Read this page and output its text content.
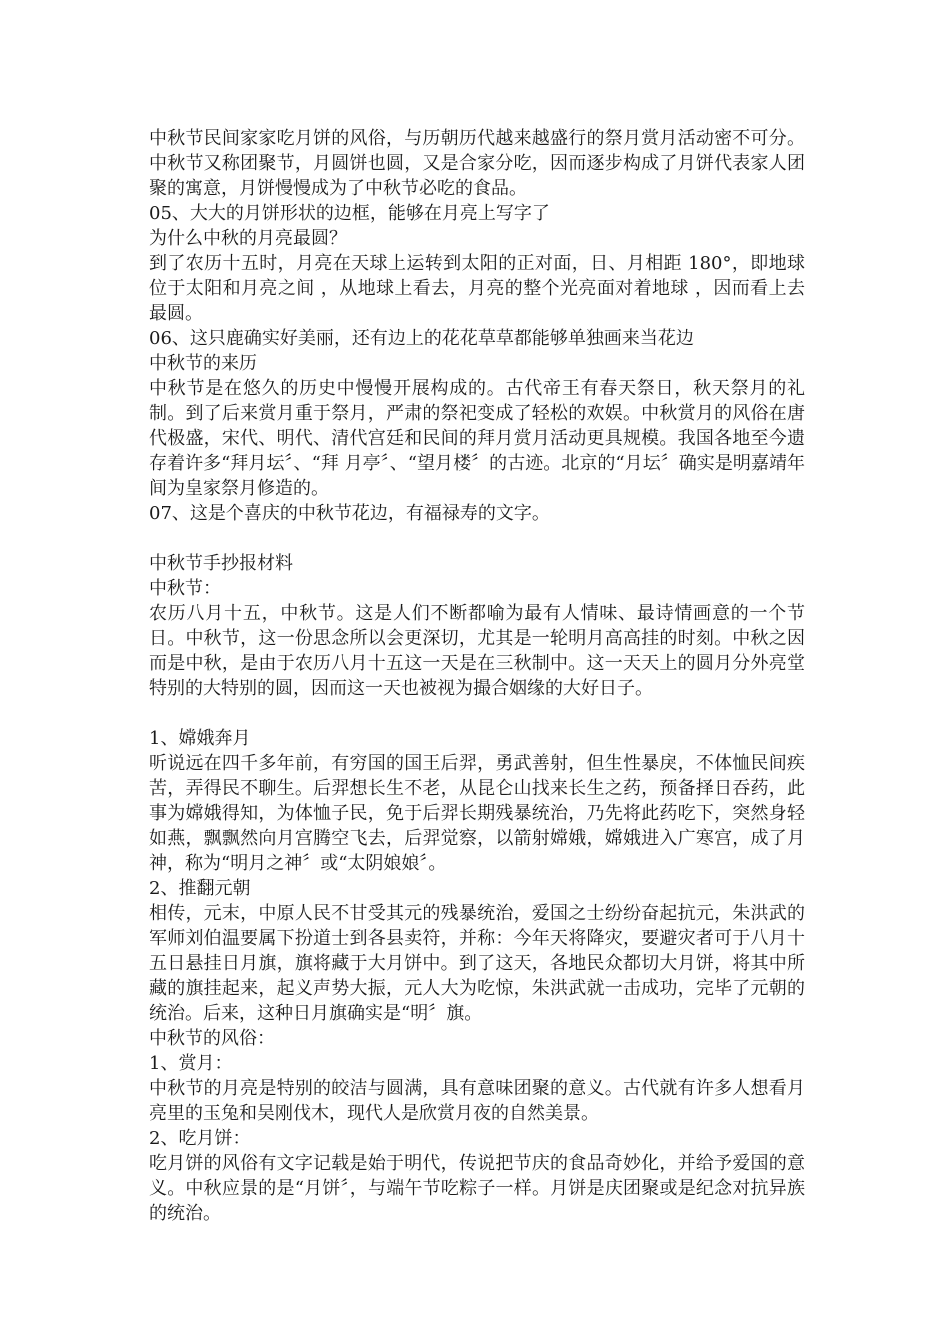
中秋节民间家家吃月饼的风俗，与历朝历代越来越盛行的祭月赏月活动密不可分。中秋节又称团聚节，月圆饼也圆，又是合家分吃，因而逐步构成了月饼代表家人团聚的寓意，月饼慢慢成为了中秋节必吃的食品。

05、大大的月饼形状的边框，能够在月亮上写字了

为什么中秋的月亮最圆？

到了农历十五时，月亮在天球上运转到太阳的正对面，日、月相距 180°，即地球位于太阳和月亮之间 ，从地球上看去，月亮的整个光亮面对着地球 ，因而看上去最圆。

06、这只鹿确实好美丽，还有边上的花花草草都能够单独画来当花边

中秋节的来历

中秋节是在悠久的历史中慢慢开展构成的。古代帝王有春天祭日，秋天祭月的礼制。到了后来赏月重于祭月，严肃的祭祀变成了轻松的欢娱。中秋赏月的风俗在唐代极盛，宋代、明代、清代宫廷和民间的拜月赏月活动更具规模。我国各地至今遗存着许多“拜月坛〞、“拜 月亭〞、“望月楼〞的古迹。北京的“月坛〞确实是明嘉靖年 间为皇家祭月修造的。

07、这是个喜庆的中秋节花边，有福禄寿的文字。

中秋节手抄报材料

中秋节：

农历八月十五，中秋节。这是人们不断都喻为最有人情味、最诗情画意的一个节日。中秋节，这一份思念所以会更深切，尤其是一轮明月高高挂的时刻。中秋之因而是中秋，是由于农历八月十五这一天是在三秋制中。这一天天上的圆月分外亮堂特别的大特别的圆，因而这一天也被视为撮合姻缘的大好日子。

1、嫦娥奔月

听说远在四千多年前，有穷国的国王后羿，勇武善射，但生性暴戾，不体恤民间疾苦，弄得民不聊生。后羿想长生不老，从昆仑山找来长生之药，预备择日吞药，此事为嫦娥得知，为体恤子民，免于后羿长期残暴统治，乃先将此药吃下，突然身轻如燕，飘飘然向月宫腾空飞去，后羿觉察，以箭射嫦娥，嫦娥进入广寒宫，成了月神，称为“明月之神〞或“太阴娘娘〞。

2、推翻元朝

相传，元末，中原人民不甘受其元的残暴统治，爱国之士纷纷奋起抗元，朱洪武的军师刘伯温要属下扮道士到各县卖符，并称：今年天将降灾，要避灾者可于八月十五日悬挂日月旗，旗将藏于大月饼中。到了这天，各地民众都切大月饼，将其中所藏的旗挂起来，起义声势大振，元人大为吃惊，朱洪武就一击成功，完毕了元朝的统治。后来，这种日月旗确实是“明〞旗。

中秋节的风俗：

1、赏月：

中秋节的月亮是特别的皎洁与圆满，具有意味团聚的意义。古代就有许多人想看月亮里的玉兔和吴刚伐木，现代人是欣赏月夜的自然美景。

2、吃月饼：

吃月饼的风俗有文字记载是始于明代，传说把节庆的食品奇妙化，并给予爱国的意义。中秋应景的是“月饼〞，与端午节吃粽子一样。月饼是庆团聚或是纪念对抗异族的统治。
